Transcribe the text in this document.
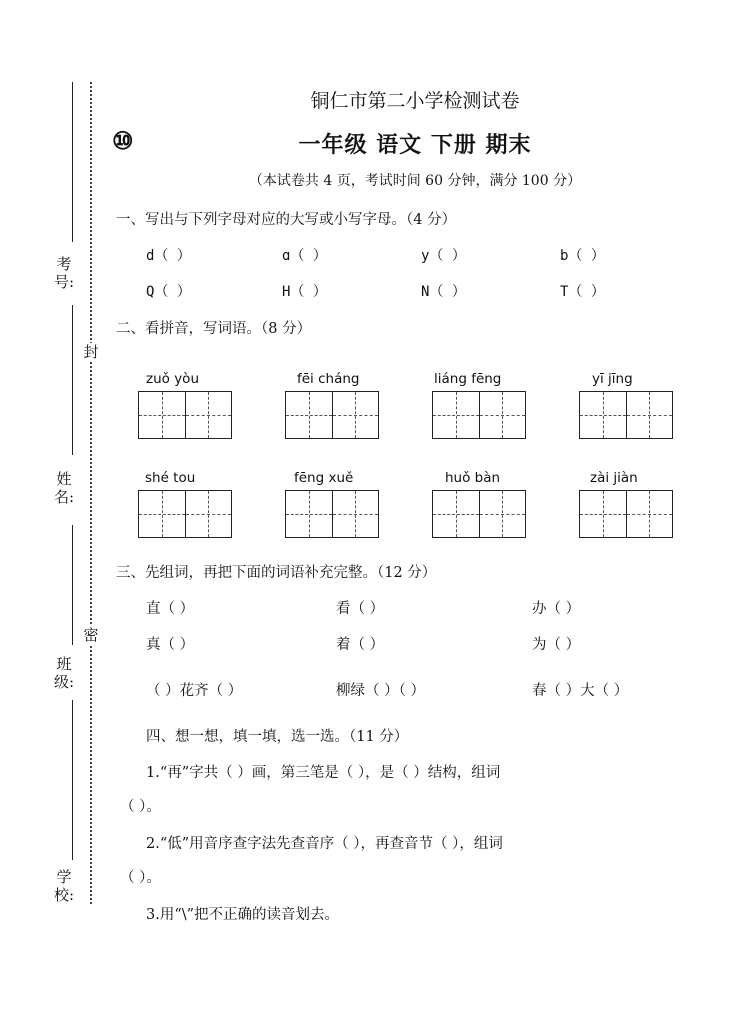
考号:
封
姓名:
密
班级:
学校:
铜仁市第二小学检测试卷
⑩	一年级 语文 下册 期末
（本试卷共 4 页，考试时间 60 分钟，满分 100 分）
一、写出与下列字母对应的大写或小写字母。（4 分）
d（ ）	ɑ（ ）	y（ ）	b（ ）
Q（ ）	H（ ）	N（ ）	T（ ）
二、看拼音，写词语。（8 分）
zuǒ yòu	fēi cháng	liáng fēng	yī jīng
shé tou	fēng xuě	huǒ bàn	zài jiàn
三、先组词，再把下面的词语补充完整。（12 分）
直（ ）	看（ ）	办（ ）
真（ ）	着（ ）	为（ ）
（ ）花齐（ ）	柳绿（ ）（ ）	春（ ）大（ ）
四、想一想，填一填，选一选。（11 分）
1.“再”字共（ ）画，第三笔是（ ），是（ ）结构，组词
（ ）。
2.“低”用音序查字法先查音序（ ），再查音节（ ），组词
（ ）。
3.用“\”把不正确的读音划去。
